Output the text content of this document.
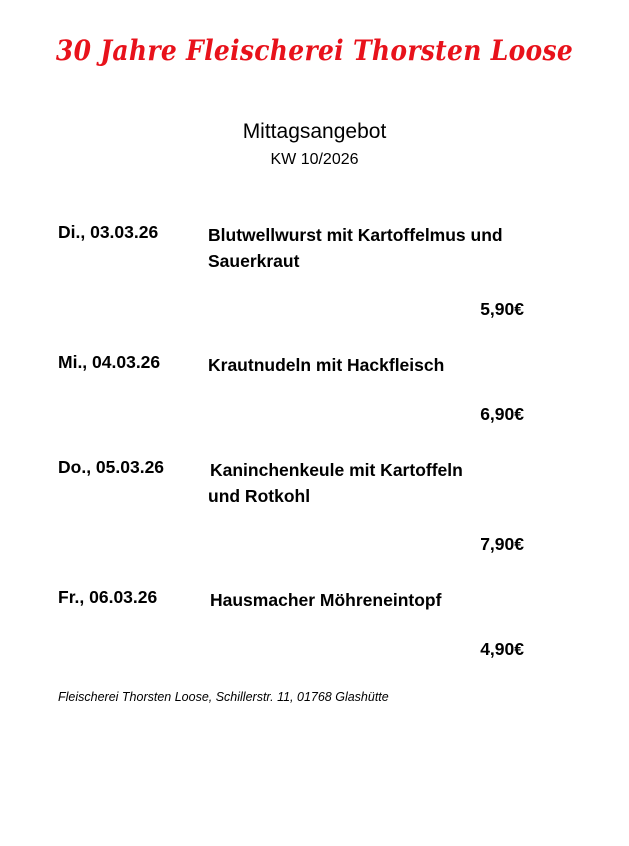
30 Jahre Fleischerei Thorsten Loose
Mittagsangebot
KW 10/2026
Di., 03.03.26	Blutwellwurst mit Kartoffelmus und
Sauerkraut
5,90€
Mi., 04.03.26	Krautnudeln mit Hackfleisch
6,90€
Do., 05.03.26	Kaninchenkeule mit Kartoffeln
und Rotkohl
7,90€
Fr., 06.03.26	Hausmacher Möhreneintopf
4,90€
Fleischerei Thorsten Loose, Schillerstr. 11, 01768 Glashütte
